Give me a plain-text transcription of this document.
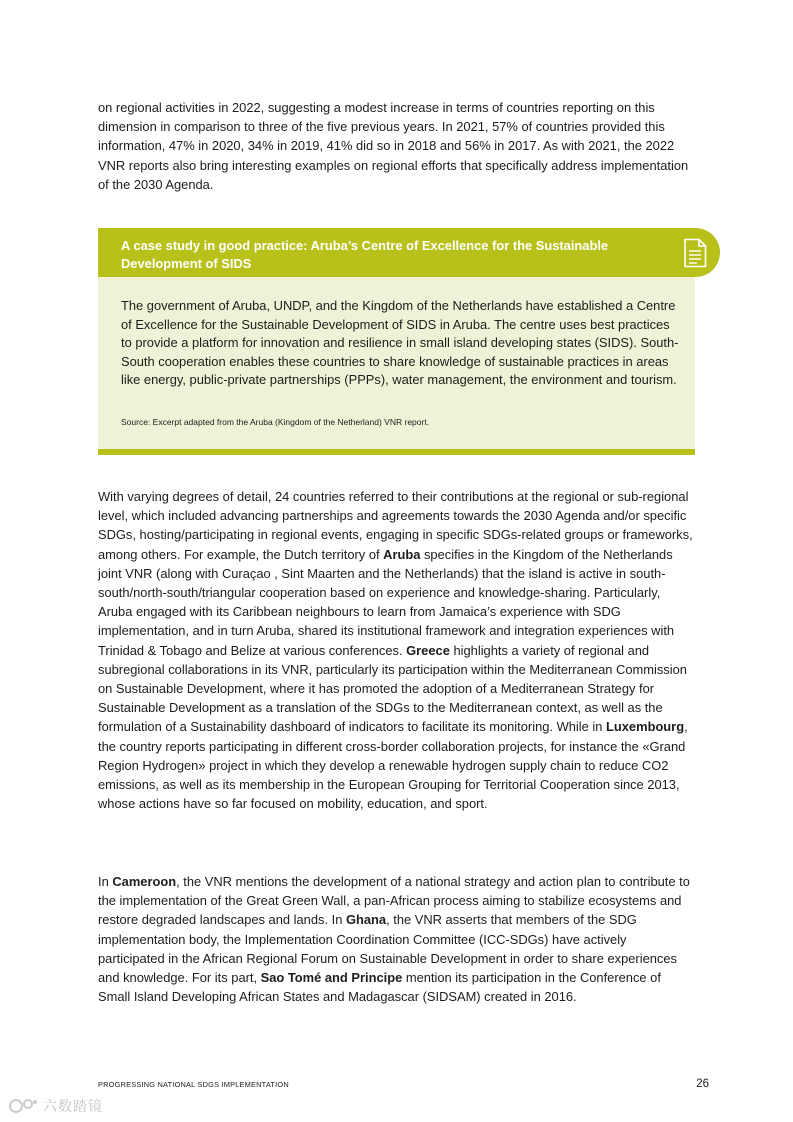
on regional activities in 2022, suggesting a modest increase in terms of countries reporting on this dimension in comparison to three of the five previous years. In 2021, 57% of countries provided this information, 47% in 2020, 34% in 2019, 41% did so in 2018 and 56% in 2017. As with 2021, the 2022 VNR reports also bring interesting examples on regional efforts that specifically address implementation of the 2030 Agenda.

A case study in good practice: Aruba’s Centre of Excellence for the Sustainable Development of SIDS

The government of Aruba, UNDP, and the Kingdom of the Netherlands have established a Centre of Excellence for the Sustainable Development of SIDS in Aruba. The centre uses best practices to provide a platform for innovation and resilience in small island developing states (SIDS). South-South cooperation enables these countries to share knowledge of sustainable practices in areas like energy, public-private partnerships (PPPs), water management, the environment and tourism.

Source: Excerpt adapted from the Aruba (Kingdom of the Netherland) VNR report.

With varying degrees of detail, 24 countries referred to their contributions at the regional or sub-regional level, which included advancing partnerships and agreements towards the 2030 Agenda and/or specific SDGs, hosting/participating in regional events, engaging in specific SDGs-related groups or frameworks, among others. For example, the Dutch territory of Aruba specifies in the Kingdom of the Netherlands joint VNR (along with Curaçao , Sint Maarten and the Netherlands) that the island is active in south- south/north-south/triangular cooperation based on experience and knowledge-sharing. Particularly, Aruba engaged with its Caribbean neighbours to learn from Jamaica’s experience with SDG implementation, and in turn Aruba, shared its institutional framework and integration experiences with Trinidad & Tobago and Belize at various conferences. Greece highlights a variety of regional and subregional collaborations in its VNR, particularly its participation within the Mediterranean Commission on Sustainable Development, where it has promoted the adoption of a Mediterranean Strategy for Sustainable Development as a translation of the SDGs to the Mediterranean context, as well as the formulation of a Sustainability dashboard of indicators to facilitate its monitoring. While in Luxembourg, the country reports participating in different cross-border collaboration projects, for instance the «Grand Region Hydrogen» project in which they develop a renewable hydrogen supply chain to reduce CO2 emissions, as well as its membership in the European Grouping for Territorial Cooperation since 2013, whose actions have so far focused on mobility, education, and sport.

In Cameroon, the VNR mentions the development of a national strategy and action plan to contribute to the implementation of the Great Green Wall, a pan-African process aiming to stabilize ecosystems and restore degraded landscapes and lands. In Ghana, the VNR asserts that members of the SDG implementation body, the Implementation Coordination Committee (ICC-SDGs) have actively participated in the African Regional Forum on Sustainable Development in order to share experiences and knowledge. For its part, Sao Tomé and Principe mention its participation in the Conference of Small Island Developing African States and Madagascar (SIDSAM) created in 2016.

PROGRESSING NATIONAL SDGS IMPLEMENTATION	26
六数踏镜
